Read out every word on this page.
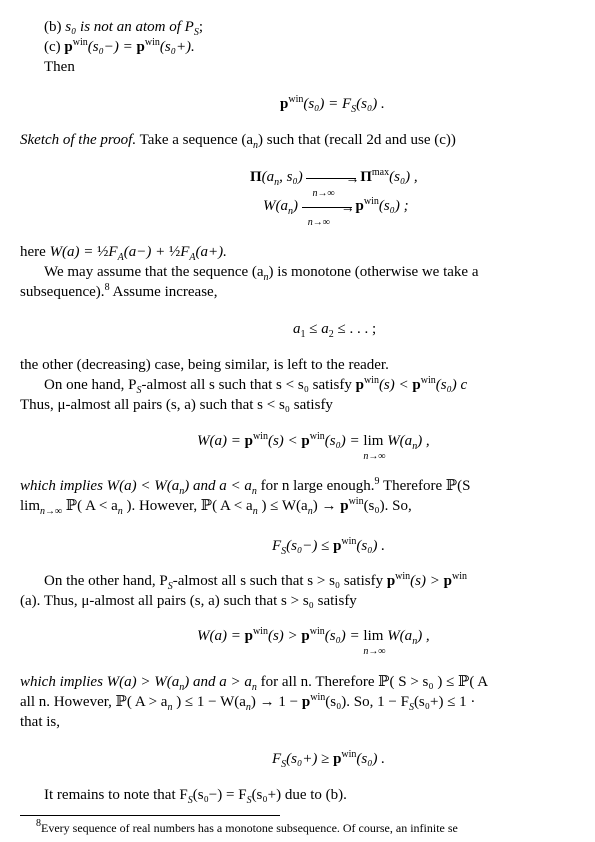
(b) s₀ is not an atom of $P_S$;
(c) $p^{win}(s_0-) = p^{win}(s_0+)$.
Then
$p^{win}(s_0) = F_S(s_0)$ .
Sketch of the proof. Take a sequence $(a_n)$ such that (recall 2d and use (c))
$\Pi(a_n$, s₀)	→
n→∞
$\Pi^{max}(s_0)$ ,
$W(a_n)$	→
n→∞
$p^{win}(s_0)$ ;
here $W(a) = \frac{1}{2}F_A(a-)$ + $\frac{1}{2}F_A(a+)$.
We may assume that the sequence $(a_n)$ is monotone (otherwise we take a
subsequence).$^8$ Assume increase,
$a_1 \le a_2$ ≤ . . . ;
the other (decreasing) case, being similar, is left to the reader.
On one hand, $P_S$-almost all s such that s < s₀ satisfy $p^{win}(s) < p^{win}(s_0)$ c
Thus, μ-almost all pairs (s, a) such that s < s₀ satisfy
$W(a) = p^{win}(s) < p^{win}(s_0) = \lim$
n→∞
$W(a_n)$ ,
which implies $W(a) < W(a_n)$ and $a < a_n$ for n large enough.$^9$ Therefore ℙ(S
$\lim_{n\to\infty}$ ℙ( $A < a_n$ ). However, ℙ( $A < a_n$ ) ≤ $W(a_n) \to p^{win}(s_0)$. So,
$F_S(s_0-) \le p^{win}(s_0)$ .
On the other hand, $P_S$-almost all s such that s > s₀ satisfy $p^{win}(s) > p^{win}$
(a). Thus, μ-almost all pairs (s, a) such that s > s₀ satisfy
$W(a) = p^{win}(s) > p^{win}(s_0) = \lim$
n→∞
$W(a_n)$ ,
which implies $W(a) > W(a_n)$ and $a > a_n$ for all n. Therefore ℙ( S > s₀ ) ≤ ℙ( A
all n. However, ℙ( $A > a_n$ ) ≤ $1 - W(a_n) \to 1 - p^{win}(s_0)$. So, $1 - F_S(s_0+) \le 1$ ·
that is,
$F_S(s_0+) \ge p^{win}(s_0)$ .
It remains to note that $F_S(s_0-) = F_S(s_0+)$ due to (b).
$^8$Every sequence of real numbers has a monotone subsequence. Of course, an infinite se
